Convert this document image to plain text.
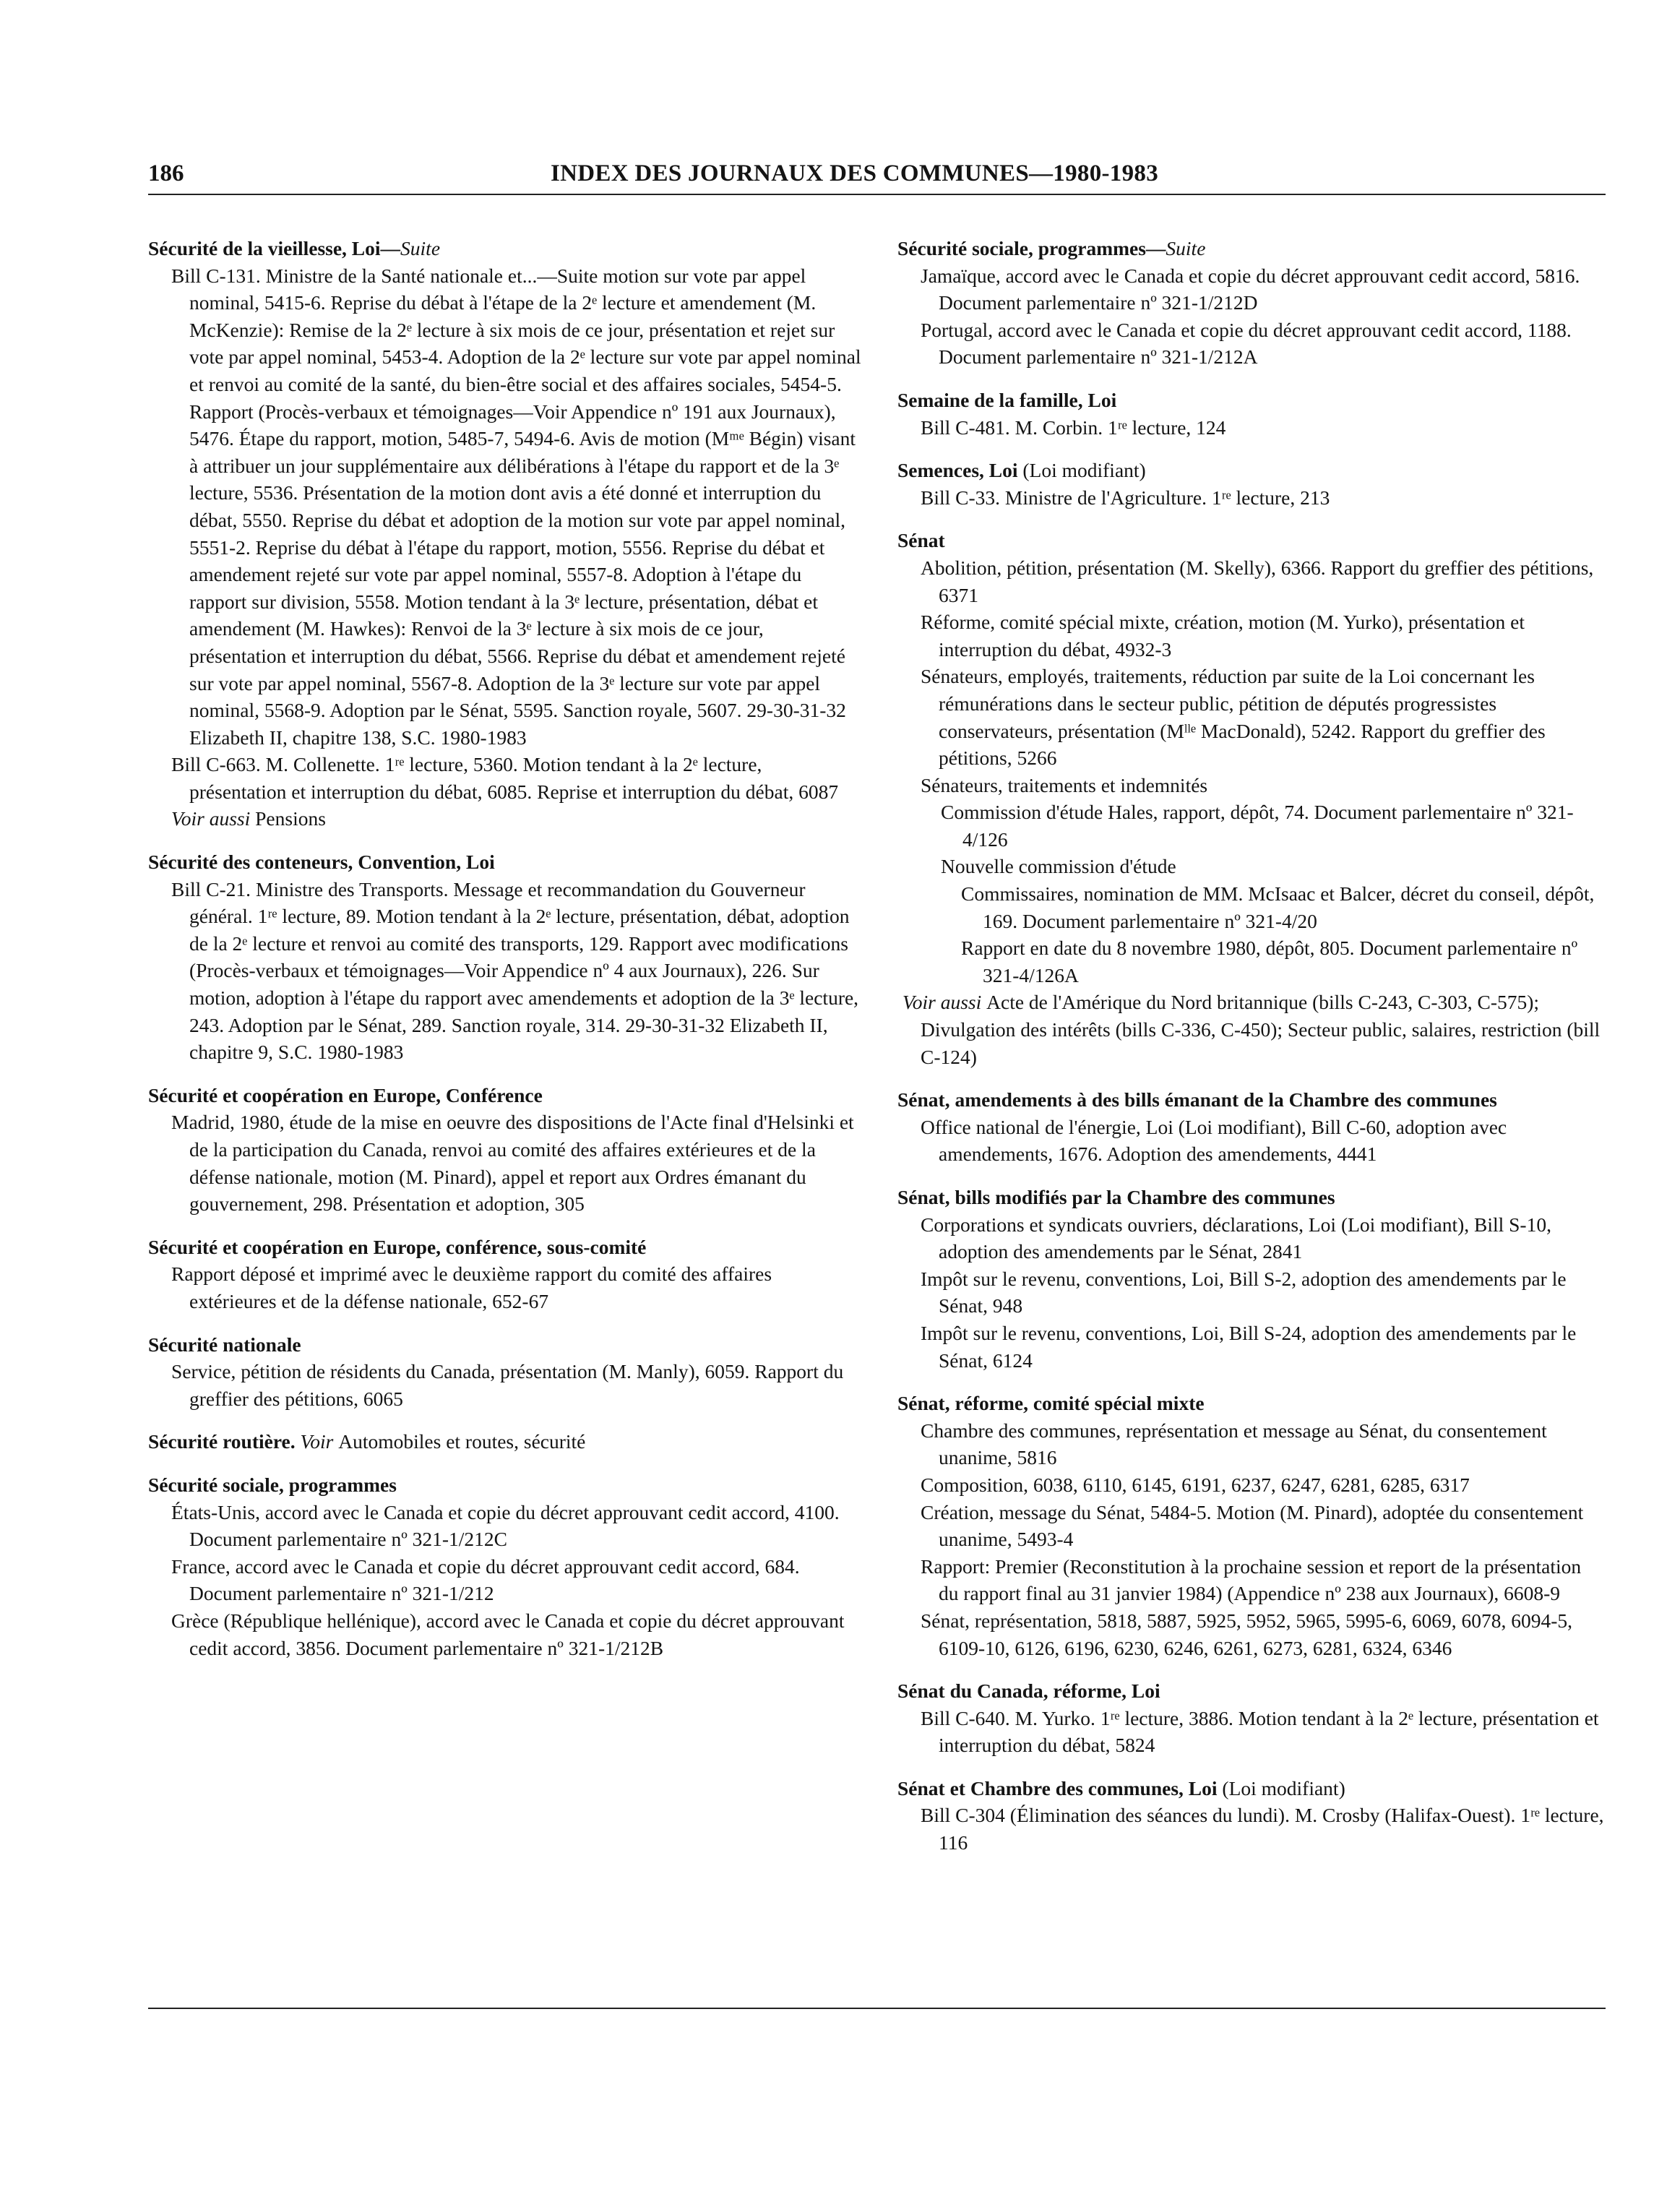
186	INDEX DES JOURNAUX DES COMMUNES—1980-1983
Sécurité de la vieillesse, Loi—Suite
Bill C-131. Ministre de la Santé nationale et...—Suite motion sur vote par appel nominal, 5415-6. Reprise du débat à l'étape de la 2ᵉ lecture et amendement (M. McKenzie): Remise de la 2ᵉ lecture à six mois de ce jour, présentation et rejet sur vote par appel nominal, 5453-4. Adoption de la 2ᵉ lecture sur vote par appel nominal et renvoi au comité de la santé, du bien-être social et des affaires sociales, 5454-5. Rapport (Procès-verbaux et témoignages—Voir Appendice nº 191 aux Journaux), 5476. Étape du rapport, motion, 5485-7, 5494-6. Avis de motion (Mᵐᵉ Bégin) visant à attribuer un jour supplémentaire aux délibérations à l'étape du rapport et de la 3ᵉ lecture, 5536. Présentation de la motion dont avis a été donné et interruption du débat, 5550. Reprise du débat et adoption de la motion sur vote par appel nominal, 5551-2. Reprise du débat à l'étape du rapport, motion, 5556. Reprise du débat et amendement rejeté sur vote par appel nominal, 5557-8. Adoption à l'étape du rapport sur division, 5558. Motion tendant à la 3ᵉ lecture, présentation, débat et amendement (M. Hawkes): Renvoi de la 3ᵉ lecture à six mois de ce jour, présentation et interruption du débat, 5566. Reprise du débat et amendement rejeté sur vote par appel nominal, 5567-8. Adoption de la 3ᵉ lecture sur vote par appel nominal, 5568-9. Adoption par le Sénat, 5595. Sanction royale, 5607. 29-30-31-32 Elizabeth II, chapitre 138, S.C. 1980-1983
Bill C-663. M. Collenette. 1ʳᵉ lecture, 5360. Motion tendant à la 2ᵉ lecture, présentation et interruption du débat, 6085. Reprise et interruption du débat, 6087
Voir aussi Pensions
Sécurité des conteneurs, Convention, Loi
Bill C-21. Ministre des Transports. Message et recommandation du Gouverneur général. 1ʳᵉ lecture, 89. Motion tendant à la 2ᵉ lecture, présentation, débat, adoption de la 2ᵉ lecture et renvoi au comité des transports, 129. Rapport avec modifications (Procès-verbaux et témoignages—Voir Appendice nº 4 aux Journaux), 226. Sur motion, adoption à l'étape du rapport avec amendements et adoption de la 3ᵉ lecture, 243. Adoption par le Sénat, 289. Sanction royale, 314. 29-30-31-32 Elizabeth II, chapitre 9, S.C. 1980-1983
Sécurité et coopération en Europe, Conférence
Madrid, 1980, étude de la mise en oeuvre des dispositions de l'Acte final d'Helsinki et de la participation du Canada, renvoi au comité des affaires extérieures et de la défense nationale, motion (M. Pinard), appel et report aux Ordres émanant du gouvernement, 298. Présentation et adoption, 305
Sécurité et coopération en Europe, conférence, sous-comité
Rapport déposé et imprimé avec le deuxième rapport du comité des affaires extérieures et de la défense nationale, 652-67
Sécurité nationale
Service, pétition de résidents du Canada, présentation (M. Manly), 6059. Rapport du greffier des pétitions, 6065
Sécurité routière. Voir Automobiles et routes, sécurité
Sécurité sociale, programmes
États-Unis, accord avec le Canada et copie du décret approuvant cedit accord, 4100. Document parlementaire nº 321-1/212C
France, accord avec le Canada et copie du décret approuvant cedit accord, 684. Document parlementaire nº 321-1/212
Grèce (République hellénique), accord avec le Canada et copie du décret approuvant cedit accord, 3856. Document parlementaire nº 321-1/212B
Sécurité sociale, programmes—Suite
Jamaïque, accord avec le Canada et copie du décret approuvant cedit accord, 5816. Document parlementaire nº 321-1/212D
Portugal, accord avec le Canada et copie du décret approuvant cedit accord, 1188. Document parlementaire nº 321-1/212A
Semaine de la famille, Loi
Bill C-481. M. Corbin. 1ʳᵉ lecture, 124
Semences, Loi (Loi modifiant)
Bill C-33. Ministre de l'Agriculture. 1ʳᵉ lecture, 213
Sénat
Abolition, pétition, présentation (M. Skelly), 6366. Rapport du greffier des pétitions, 6371
Réforme, comité spécial mixte, création, motion (M. Yurko), présentation et interruption du débat, 4932-3
Sénateurs, employés, traitements, réduction par suite de la Loi concernant les rémunérations dans le secteur public, pétition de députés progressistes conservateurs, présentation (Mˡˡᵉ MacDonald), 5242. Rapport du greffier des pétitions, 5266
Sénateurs, traitements et indemnités
Commission d'étude Hales, rapport, dépôt, 74. Document parlementaire nº 321-4/126
Nouvelle commission d'étude
Commissaires, nomination de MM. McIsaac et Balcer, décret du conseil, dépôt, 169. Document parlementaire nº 321-4/20
Rapport en date du 8 novembre 1980, dépôt, 805. Document parlementaire nº 321-4/126A
Voir aussi Acte de l'Amérique du Nord britannique (bills C-243, C-303, C-575); Divulgation des intérêts (bills C-336, C-450); Secteur public, salaires, restriction (bill C-124)
Sénat, amendements à des bills émanant de la Chambre des communes
Office national de l'énergie, Loi (Loi modifiant), Bill C-60, adoption avec amendements, 1676. Adoption des amendements, 4441
Sénat, bills modifiés par la Chambre des communes
Corporations et syndicats ouvriers, déclarations, Loi (Loi modifiant), Bill S-10, adoption des amendements par le Sénat, 2841
Impôt sur le revenu, conventions, Loi, Bill S-2, adoption des amendements par le Sénat, 948
Impôt sur le revenu, conventions, Loi, Bill S-24, adoption des amendements par le Sénat, 6124
Sénat, réforme, comité spécial mixte
Chambre des communes, représentation et message au Sénat, du consentement unanime, 5816
Composition, 6038, 6110, 6145, 6191, 6237, 6247, 6281, 6285, 6317
Création, message du Sénat, 5484-5. Motion (M. Pinard), adoptée du consentement unanime, 5493-4
Rapport: Premier (Reconstitution à la prochaine session et report de la présentation du rapport final au 31 janvier 1984) (Appendice nº 238 aux Journaux), 6608-9
Sénat, représentation, 5818, 5887, 5925, 5952, 5965, 5995-6, 6069, 6078, 6094-5, 6109-10, 6126, 6196, 6230, 6246, 6261, 6273, 6281, 6324, 6346
Sénat du Canada, réforme, Loi
Bill C-640. M. Yurko. 1ʳᵉ lecture, 3886. Motion tendant à la 2ᵉ lecture, présentation et interruption du débat, 5824
Sénat et Chambre des communes, Loi (Loi modifiant)
Bill C-304 (Élimination des séances du lundi). M. Crosby (Halifax-Ouest). 1ʳᵉ lecture, 116
